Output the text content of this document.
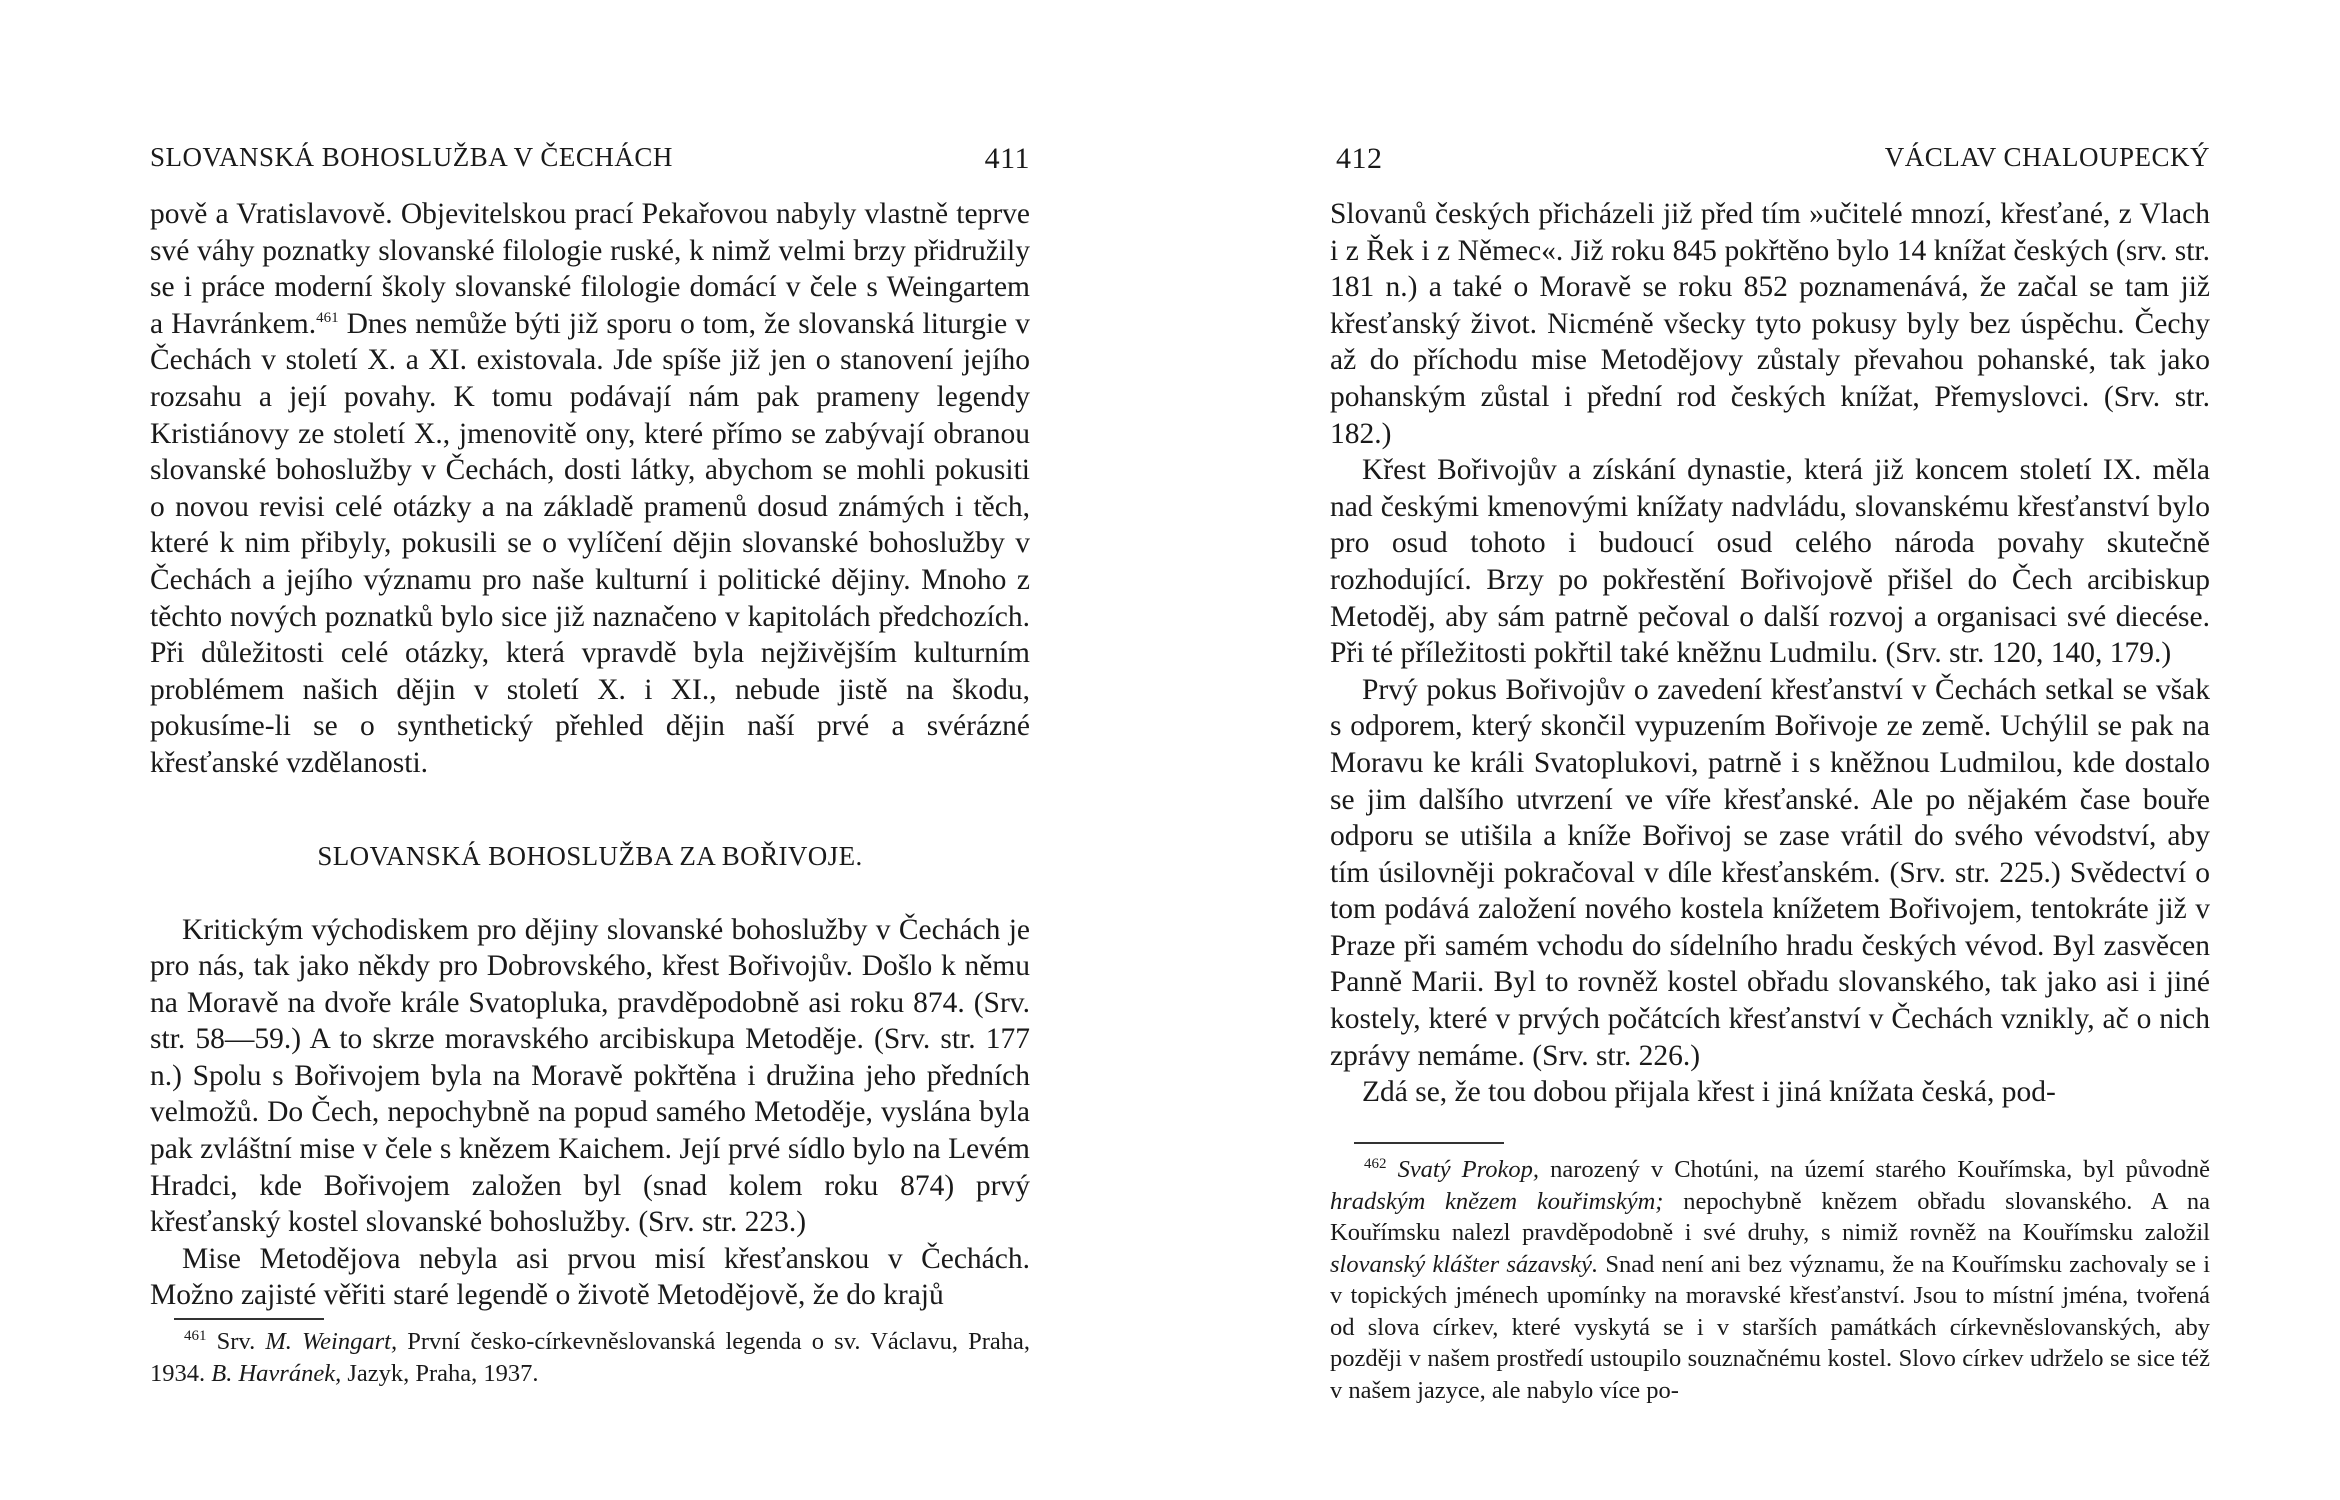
SLOVANSKÁ BOHOSLUŽBA V ČECHÁCH	411

pově a Vratislavově. Objevitelskou prací Pekařovou nabyly vlastně teprve své váhy poznatky slovanské filologie ruské, k nimž velmi brzy přidružily se i práce moderní školy slovanské filologie domácí v čele s Weingartem a Havránkem.$^{461}$ Dnes nemůže býti již sporu o tom, že slovanská liturgie v Čechách v století X. a XI. existovala. Jde spíše již jen o stanovení jejího rozsahu a její povahy. K tomu podávají nám pak prameny legendy Kristiánovy ze století X., jmenovitě ony, které přímo se zabývají obranou slovanské bohoslužby v Čechách, dosti látky, abychom se mohli pokusiti o novou revisi celé otázky a na základě pramenů dosud známých i těch, které k nim přibyly, pokusili se o vylíčení dějin slovanské bohoslužby v Čechách a jejího významu pro naše kulturní i politické dějiny. Mnoho z těchto nových poznatků bylo sice již naznačeno v kapitolách předchozích. Při důležitosti celé otázky, která vpravdě byla nejživějším kulturním problémem našich dějin v století X. i XI., nebude jistě na škodu, pokusíme-li se o synthetický přehled dějin naší prvé a svérázné křesťanské vzdělanosti.

SLOVANSKÁ BOHOSLUŽBA ZA BOŘIVOJE.

Kritickým východiskem pro dějiny slovanské bohoslužby v Čechách je pro nás, tak jako někdy pro Dobrovského, křest Bořivojův. Došlo k němu na Moravě na dvoře krále Svatopluka, pravděpodobně asi roku 874. (Srv. str. 58—59.) A to skrze moravského arcibiskupa Metoděje. (Srv. str. 177 n.) Spolu s Bořivojem byla na Moravě pokřtěna i družina jeho předních velmožů. Do Čech, nepochybně na popud samého Metoděje, vyslána byla pak zvláštní mise v čele s knězem Kaichem. Její prvé sídlo bylo na Levém Hradci, kde Bořivojem založen byl (snad kolem roku 874) prvý křesťanský kostel slovanské bohoslužby. (Srv. str. 223.)

Mise Metodějova nebyla asi prvou misí křesťanskou v Čechách. Možno zajisté věřiti staré legendě o životě Metodějově, že do krajů

$^{461}$ Srv. M. Weingart, První česko-církevněslovanská legenda o sv. Václavu, Praha, 1934. B. Havránek, Jazyk, Praha, 1937.

412	VÁCLAV CHALOUPECKÝ

Slovanů českých přicházeli již před tím »učitelé mnozí, křesťané, z Vlach i z Řek i z Němec«. Již roku 845 pokřtěno bylo 14 knížat českých (srv. str. 181 n.) a také o Moravě se roku 852 poznamenává, že začal se tam již křesťanský život. Nicméně všecky tyto pokusy byly bez úspěchu. Čechy až do příchodu mise Metodějovy zůstaly převahou pohanské, tak jako pohanským zůstal i přední rod českých knížat, Přemyslovci. (Srv. str. 182.)

Křest Bořivojův a získání dynastie, která již koncem století IX. měla nad českými kmenovými knížaty nadvládu, slovanskému křesťanství bylo pro osud tohoto i budoucí osud celého národa povahy skutečně rozhodující. Brzy po pokřestění Bořivojově přišel do Čech arcibiskup Metoděj, aby sám patrně pečoval o další rozvoj a organisaci své diecése. Při té příležitosti pokřtil také kněžnu Ludmilu. (Srv. str. 120, 140, 179.)

Prvý pokus Bořivojův o zavedení křesťanství v Čechách setkal se však s odporem, který skončil vypuzením Bořivoje ze země. Uchýlil se pak na Moravu ke králi Svatoplukovi, patrně i s kněžnou Ludmilou, kde dostalo se jim dalšího utvrzení ve víře křesťanské. Ale po nějakém čase bouře odporu se utišila a kníže Bořivoj se zase vrátil do svého vévodství, aby tím úsilovněji pokračoval v díle křesťanském. (Srv. str. 225.) Svědectví o tom podává založení nového kostela knížetem Bořivojem, tentokráte již v Praze při samém vchodu do sídelního hradu českých vévod. Byl zasvěcen Panně Marii. Byl to rovněž kostel obřadu slovanského, tak jako asi i jiné kostely, které v prvých počátcích křesťanství v Čechách vznikly, ač o nich zprávy nemáme. (Srv. str. 226.)

Zdá se, že tou dobou přijala křest i jiná knížata česká, pod-

$^{462}$ Svatý Prokop, narozený v Chotúni, na území starého Kouřímska, byl původně hradským knězem kouřimským; nepochybně knězem obřadu slovanského. A na Kouřímsku nalezl pravděpodobně i své druhy, s nimiž rovněž na Kouřímsku založil slovanský klášter sázavský. Snad není ani bez významu, že na Kouřímsku zachovaly se i v topických jménech upomínky na moravské křesťanství. Jsou to místní jména, tvořená od slova církev, které vyskytá se i v starších památkách církevněslovanských, aby později v našem prostředí ustoupilo souznačnému kostel. Slovo církev udrželo se sice též v našem jazyce, ale nabylo více po-
